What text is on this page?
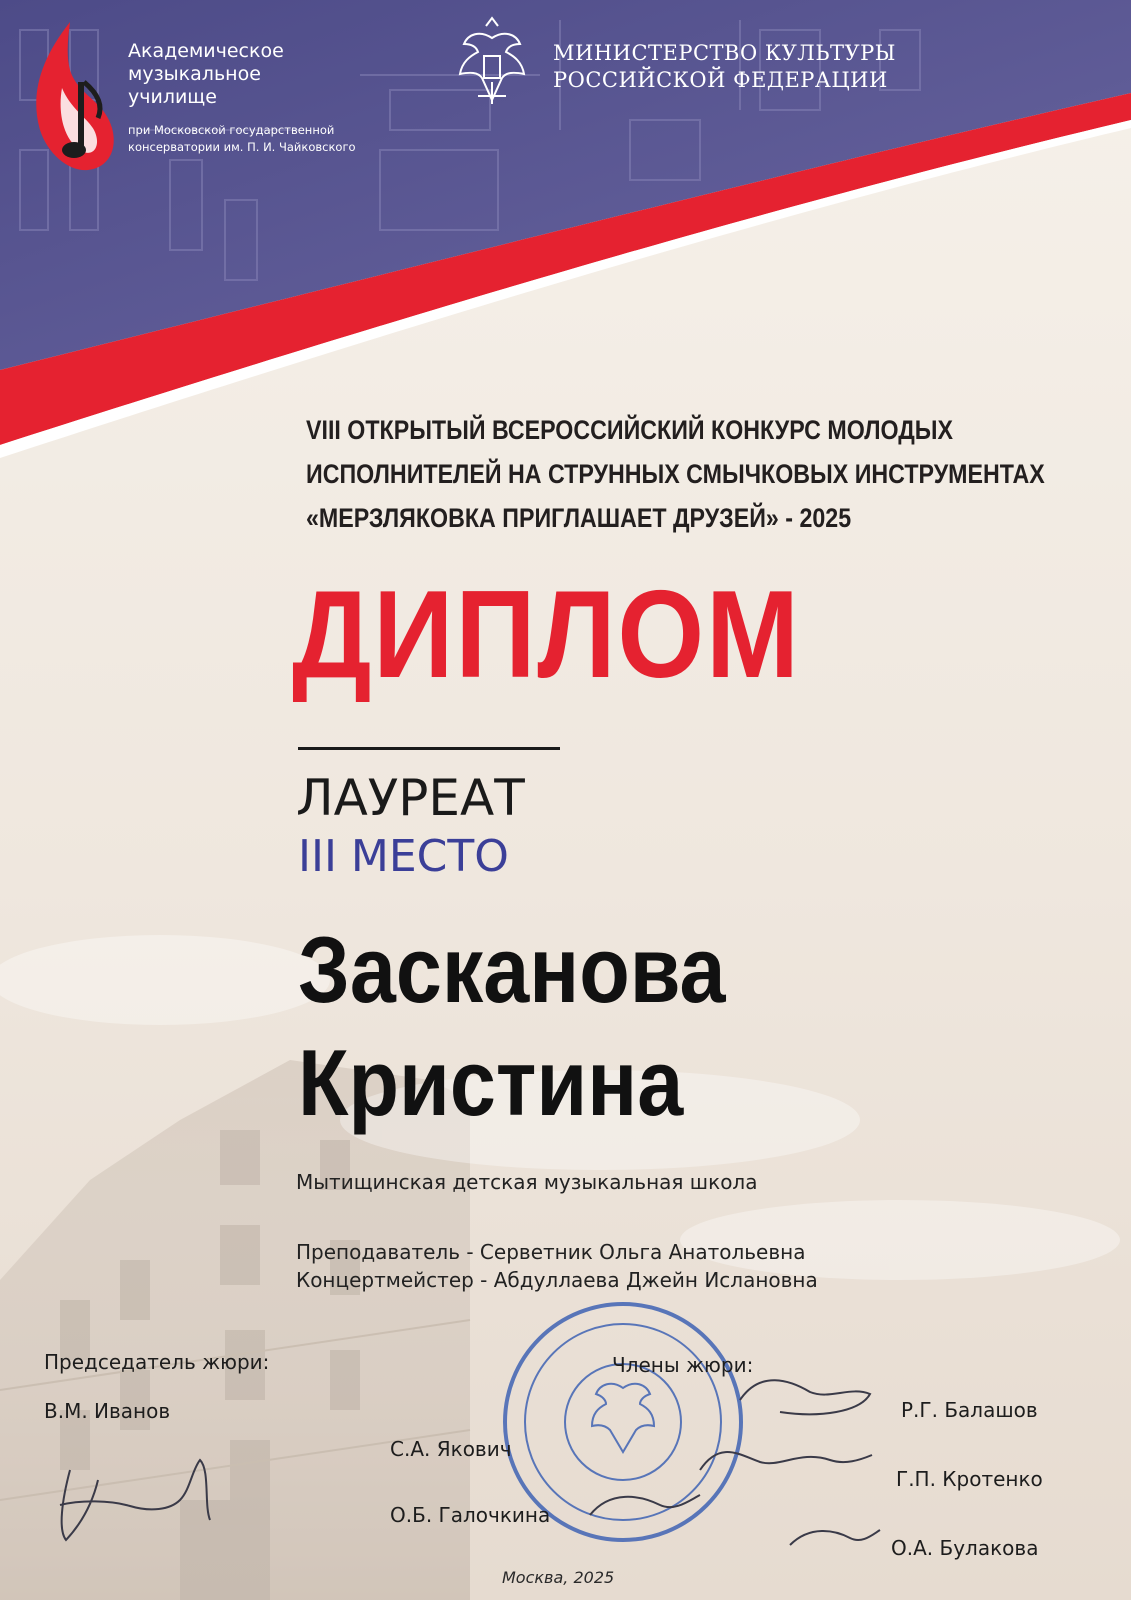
Академическое
музыкальное
училище
при Московской государственной
консерватории им. П. И. Чайковского
МИНИСТЕРСТВО КУЛЬТУРЫ
РОССИЙСКОЙ ФЕДЕРАЦИИ
VIII ОТКРЫТЫЙ ВСЕРОССИЙСКИЙ КОНКУРС МОЛОДЫХ
ИСПОЛНИТЕЛЕЙ НА СТРУННЫХ СМЫЧКОВЫХ ИНСТРУМЕНТАХ
«МЕРЗЛЯКОВКА ПРИГЛАШАЕТ ДРУЗЕЙ» - 2025
ДИПЛОМ
ЛАУРЕАТ
III МЕСТО
Засканова
Кристина
Мытищинская детская музыкальная школа
Преподаватель - Серветник Ольга Анатольевна
Концертмейстер - Абдуллаева Джейн Ислановна
Председатель жюри:
В.М. Иванов
Члены жюри:
С.А. Якович
О.Б. Галочкина
Р.Г. Балашов
Г.П. Кротенко
О.А. Булакова
Москва, 2025
